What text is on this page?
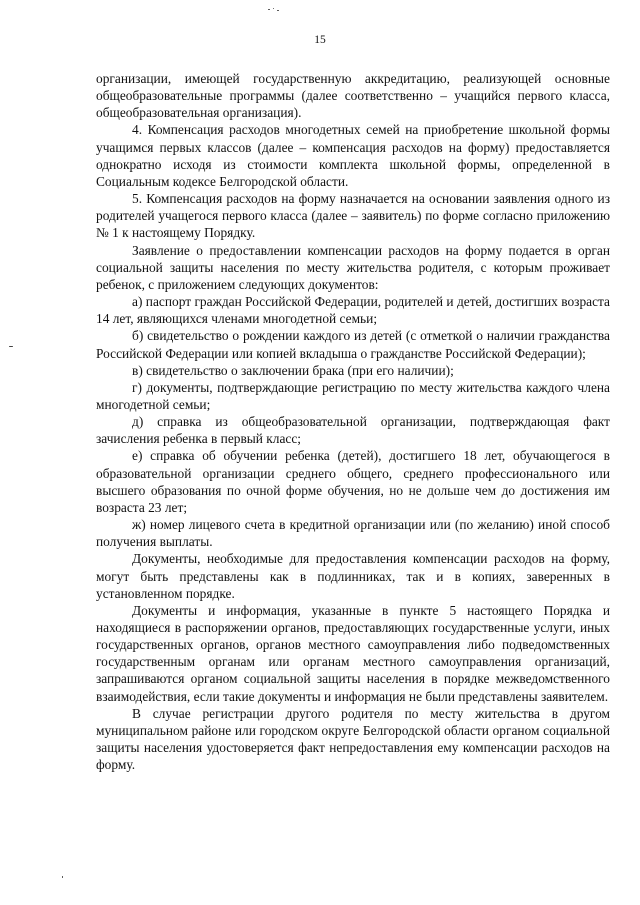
15

организации, имеющей государственную аккредитацию, реализующей основные общеобразовательные программы (далее соответственно – учащийся первого класса, общеобразовательная организация).

4. Компенсация расходов многодетных семей на приобретение школьной формы учащимся первых классов (далее – компенсация расходов на форму) предоставляется однократно исходя из стоимости комплекта школьной формы, определенной в Социальным кодексе Белгородской области.

5. Компенсация расходов на форму назначается на основании заявления одного из родителей учащегося первого класса (далее – заявитель) по форме согласно приложению № 1 к настоящему Порядку.

Заявление о предоставлении компенсации расходов на форму подается в орган социальной защиты населения по месту жительства родителя, с которым проживает ребенок, с приложением следующих документов:

а) паспорт граждан Российской Федерации, родителей и детей, достигших возраста 14 лет, являющихся членами многодетной семьи;

б) свидетельство о рождении каждого из детей (с отметкой о наличии гражданства Российской Федерации или копией вкладыша о гражданстве Российской Федерации);

в) свидетельство о заключении брака (при его наличии);

г) документы, подтверждающие регистрацию по месту жительства каждого члена многодетной семьи;

д) справка из общеобразовательной организации, подтверждающая факт зачисления ребенка в первый класс;

е) справка об обучении ребенка (детей), достигшего 18 лет, обучающегося в образовательной организации среднего общего, среднего профессионального или высшего образования по очной форме обучения, но не дольше чем до достижения им возраста 23 лет;

ж) номер лицевого счета в кредитной организации или (по желанию) иной способ получения выплаты.

Документы, необходимые для предоставления компенсации расходов на форму, могут быть представлены как в подлинниках, так и в копиях, заверенных в установленном порядке.

Документы и информация, указанные в пункте 5 настоящего Порядка и находящиеся в распоряжении органов, предоставляющих государственные услуги, иных государственных органов, органов местного самоуправления либо подведомственных государственным органам или органам местного самоуправления организаций, запрашиваются органом социальной защиты населения в порядке межведомственного взаимодействия, если такие документы и информация не были представлены заявителем.

В случае регистрации другого родителя по месту жительства в другом муниципальном районе или городском округе Белгородской области органом социальной защиты населения удостоверяется факт непредоставления ему компенсации расходов на форму.
